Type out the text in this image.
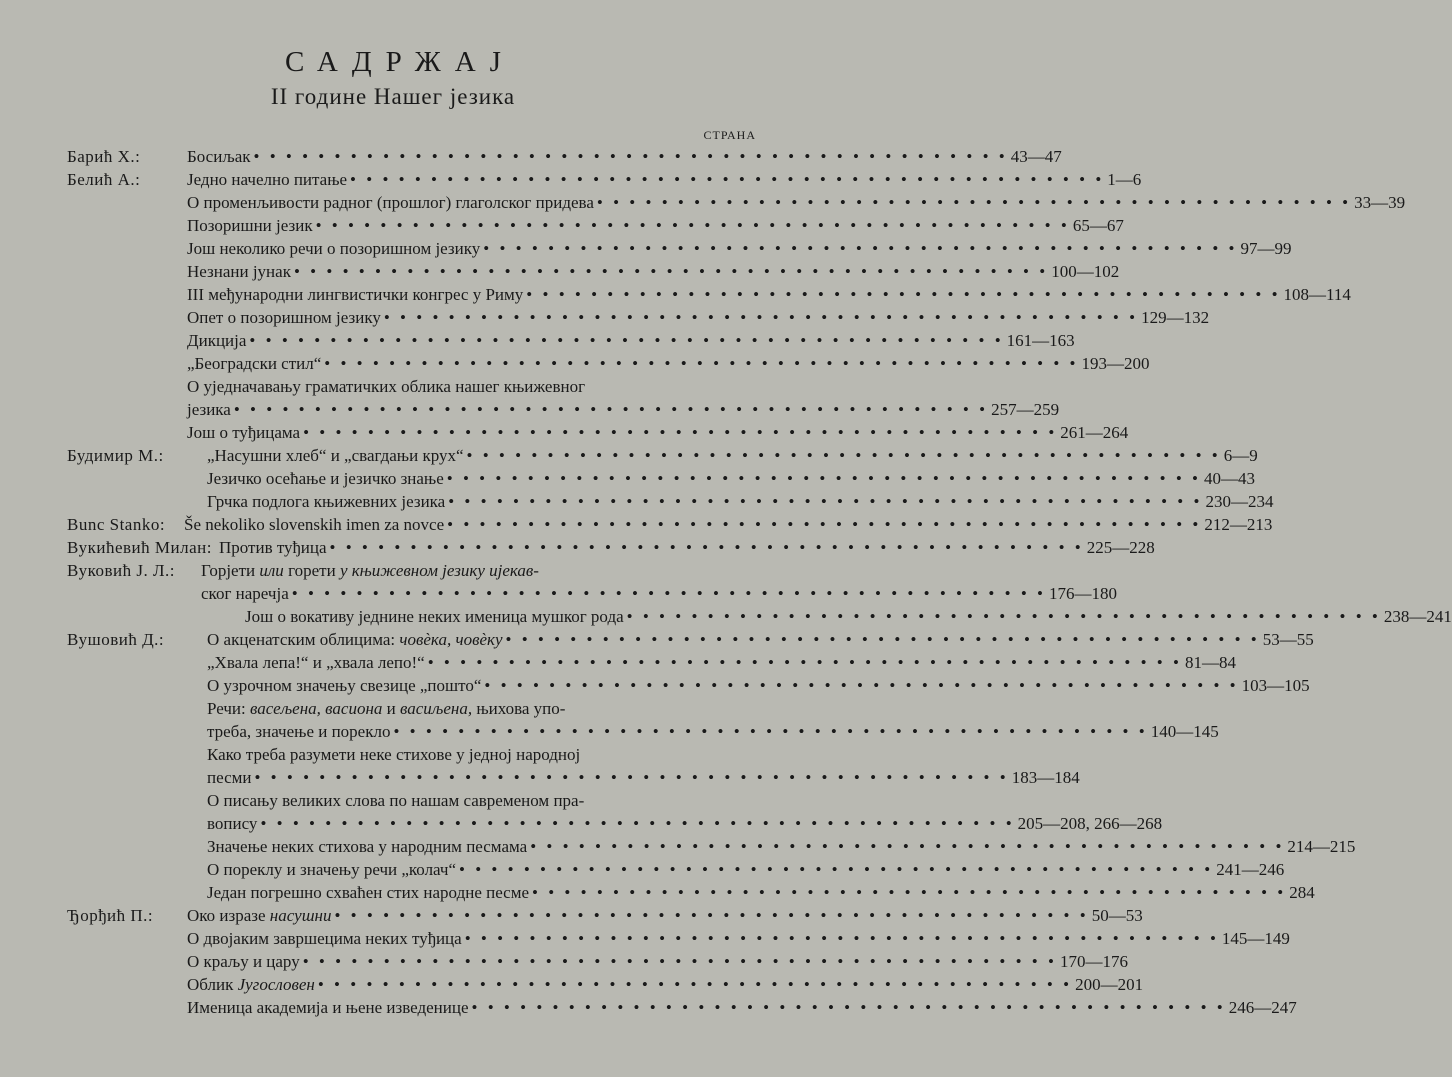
САДРЖАЈ
II године Нашег језика
СТРАНА
Барић Х.:	Босиљак • • • • • • • • • • • • • • • • • • • • • • • • • • • • • • • • • • • • • • • • • • • • • • • 43—47
Белић А.:	Једно начелно питање • • • • • • • • • • • • • • • • • • • • • • • • • • • • • • • • • • • • • • • • • • • • • • • 1—6
О променљивости радног (прошлог) глаголског придева • • • • • • • • • • • • • • • • • • • • • • • • • • • • • • • • • • • • • • • • • • • • • • • 33—39
Позоришни језик • • • • • • • • • • • • • • • • • • • • • • • • • • • • • • • • • • • • • • • • • • • • • • • 65—67
Још неколико речи о позоришном језику • • • • • • • • • • • • • • • • • • • • • • • • • • • • • • • • • • • • • • • • • • • • • • • 97—99
Незнани јунак • • • • • • • • • • • • • • • • • • • • • • • • • • • • • • • • • • • • • • • • • • • • • • • 100—102
III међународни лингвистички конгрес у Риму • • • • • • • • • • • • • • • • • • • • • • • • • • • • • • • • • • • • • • • • • • • • • • • 108—114
Опет о позоришном језику • • • • • • • • • • • • • • • • • • • • • • • • • • • • • • • • • • • • • • • • • • • • • • • 129—132
Дикција • • • • • • • • • • • • • • • • • • • • • • • • • • • • • • • • • • • • • • • • • • • • • • • 161—163
„Београдски стил“ • • • • • • • • • • • • • • • • • • • • • • • • • • • • • • • • • • • • • • • • • • • • • • • 193—200
О уједначавању граматичких облика нашег књижевног
језика • • • • • • • • • • • • • • • • • • • • • • • • • • • • • • • • • • • • • • • • • • • • • • • 257—259
Још о туђицама • • • • • • • • • • • • • • • • • • • • • • • • • • • • • • • • • • • • • • • • • • • • • • • 261—264
Будимир М.:	„Насушни хлеб“ и „свагдањи крух“ • • • • • • • • • • • • • • • • • • • • • • • • • • • • • • • • • • • • • • • • • • • • • • • 6—9
Језичко осећање и језичко знање • • • • • • • • • • • • • • • • • • • • • • • • • • • • • • • • • • • • • • • • • • • • • • • 40—43
Грчка подлога књижевних језика • • • • • • • • • • • • • • • • • • • • • • • • • • • • • • • • • • • • • • • • • • • • • • • 230—234
Bunc Stanko: Še nekoliko slovenskih imen za novce • • • • • • • • • • • • • • • • • • • • • • • • • • • • • • • • • • • • • • • • • • • • • • • 212—213
Вукићевић Милан: Против туђица • • • • • • • • • • • • • • • • • • • • • • • • • • • • • • • • • • • • • • • • • • • • • • • 225—228
Вуковић Ј. Л.: Горјети или горети у књижевном језику ијекав-
ског наречја • • • • • • • • • • • • • • • • • • • • • • • • • • • • • • • • • • • • • • • • • • • • • • • 176—180
Још о вокативу једнине неких именица мушког рода • • • • • • • • • • • • • • • • • • • • • • • • • • • • • • • • • • • • • • • • • • • • • • • 238—241
Вушовић Д.:	О акценатским облицима: човѐка, човѐку • • • • • • • • • • • • • • • • • • • • • • • • • • • • • • • • • • • • • • • • • • • • • • • 53—55
„Хвала лепа!“ и „хвала лепо!“ • • • • • • • • • • • • • • • • • • • • • • • • • • • • • • • • • • • • • • • • • • • • • • • 81—84
О узрочном значењу свезице „пошто“ • • • • • • • • • • • • • • • • • • • • • • • • • • • • • • • • • • • • • • • • • • • • • • • 103—105
Речи: васељена, васиона и васиљена, њихова упо-
треба, значење и порекло • • • • • • • • • • • • • • • • • • • • • • • • • • • • • • • • • • • • • • • • • • • • • • • 140—145
Како треба разумети неке стихове у једној народној
песми • • • • • • • • • • • • • • • • • • • • • • • • • • • • • • • • • • • • • • • • • • • • • • • 183—184
О писању великих слова по нашам савременом пра-
вопису • • • • • • • • • • • • • • • • • • • • • • • • • • • • • • • • • • • • • • • • • • • • • • • 205—208, 266—268
Значење неких стихова у народним песмама • • • • • • • • • • • • • • • • • • • • • • • • • • • • • • • • • • • • • • • • • • • • • • • 214—215
О пореклу и значењу речи „колач“ • • • • • • • • • • • • • • • • • • • • • • • • • • • • • • • • • • • • • • • • • • • • • • • 241—246
Један погрешно схваћен стих народне песме • • • • • • • • • • • • • • • • • • • • • • • • • • • • • • • • • • • • • • • • • • • • • • • 284
Ђорђић П.: Око изразе насушни • • • • • • • • • • • • • • • • • • • • • • • • • • • • • • • • • • • • • • • • • • • • • • • 50—53
О двојаким завршецима неких туђица • • • • • • • • • • • • • • • • • • • • • • • • • • • • • • • • • • • • • • • • • • • • • • • 145—149
О краљу и цару • • • • • • • • • • • • • • • • • • • • • • • • • • • • • • • • • • • • • • • • • • • • • • • 170—176
Облик Југословен • • • • • • • • • • • • • • • • • • • • • • • • • • • • • • • • • • • • • • • • • • • • • • • 200—201
Именица академија и њене изведенице • • • • • • • • • • • • • • • • • • • • • • • • • • • • • • • • • • • • • • • • • • • • • • • 246—247
